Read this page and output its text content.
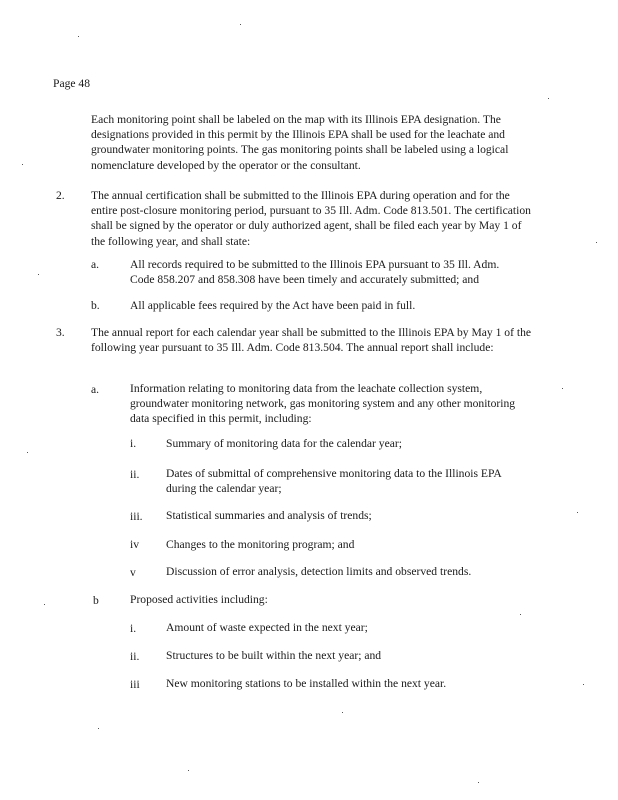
Page 48
Each monitoring point shall be labeled on the map with its Illinois EPA designation. The designations provided in this permit by the Illinois EPA shall be used for the leachate and groundwater monitoring points. The gas monitoring points shall be labeled using a logical nomenclature developed by the operator or the consultant.
2. The annual certification shall be submitted to the Illinois EPA during operation and for the entire post-closure monitoring period, pursuant to 35 Ill. Adm. Code 813.501. The certification shall be signed by the operator or duly authorized agent, shall be filed each year by May 1 of the following year, and shall state:
a.	All records required to be submitted to the Illinois EPA pursuant to 35 Ill. Adm. Code 858.207 and 858.308 have been timely and accurately submitted; and
b.	All applicable fees required by the Act have been paid in full.
3. The annual report for each calendar year shall be submitted to the Illinois EPA by May 1 of the following year pursuant to 35 Ill. Adm. Code 813.504. The annual report shall include:
a.	Information relating to monitoring data from the leachate collection system, groundwater monitoring network, gas monitoring system and any other monitoring data specified in this permit, including:
i.	Summary of monitoring data for the calendar year;
ii. Dates of submittal of comprehensive monitoring data to the Illinois EPA during the calendar year;
iii. Statistical summaries and analysis of trends;
iv Changes to the monitoring program; and
v	Discussion of error analysis, detection limits and observed trends.
b	Proposed activities including:
i.	Amount of waste expected in the next year;
ii. Structures to be built within the next year; and
iii New monitoring stations to be installed within the next year.
